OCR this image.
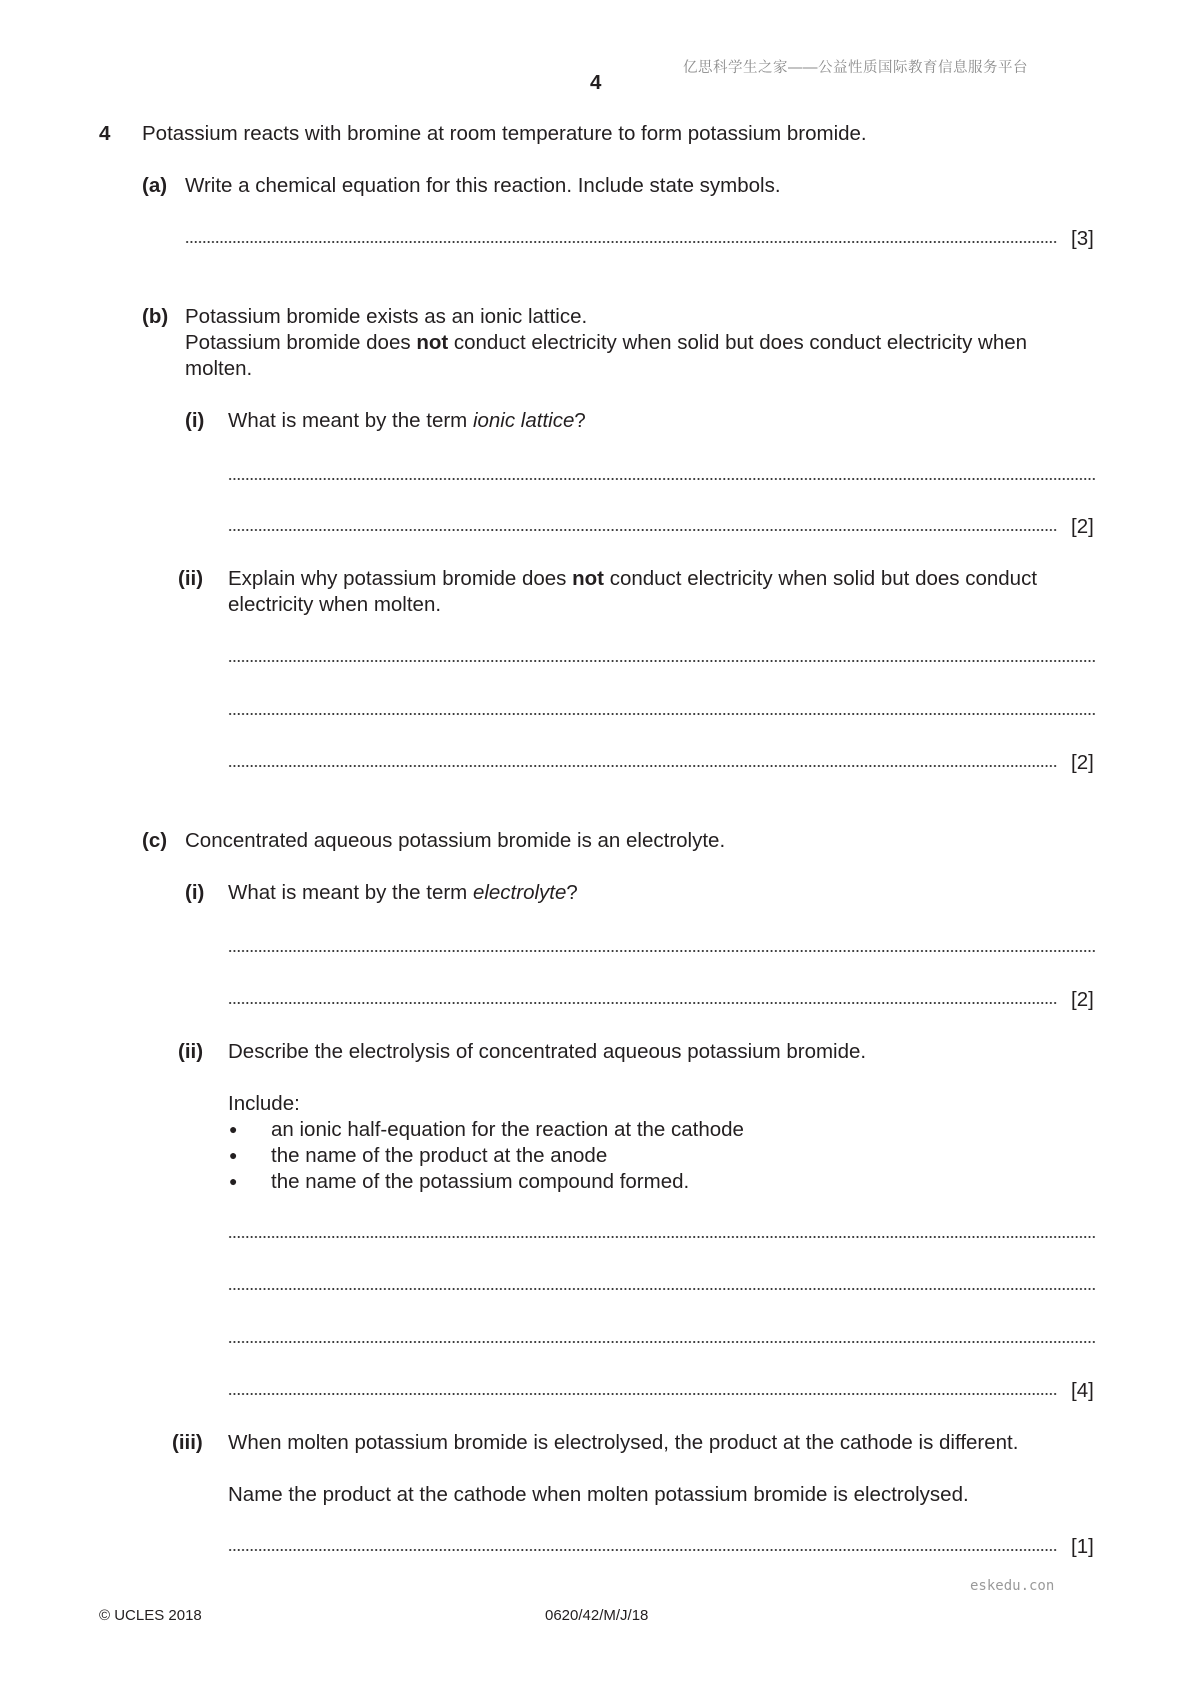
亿思科学生之家——公益性质国际教育信息服务平台
4
4 Potassium reacts with bromine at room temperature to form potassium bromide.
(a) Write a chemical equation for this reaction. Include state symbols.
[3]
(b) Potassium bromide exists as an ionic lattice.
Potassium bromide does not conduct electricity when solid but does conduct electricity when
molten.
(i) What is meant by the term ionic lattice?
[2]
(ii) Explain why potassium bromide does not conduct electricity when solid but does conduct
electricity when molten.
[2]
(c) Concentrated aqueous potassium bromide is an electrolyte.
(i) What is meant by the term electrolyte?
[2]
(ii) Describe the electrolysis of concentrated aqueous potassium bromide.
Include:
● an ionic half-equation for the reaction at the cathode
● the name of the product at the anode
● the name of the potassium compound formed.
[4]
(iii) When molten potassium bromide is electrolysed, the product at the cathode is different.
Name the product at the cathode when molten potassium bromide is electrolysed.
[1]
eskedu.con
© UCLES 2018	0620/42/M/J/18
